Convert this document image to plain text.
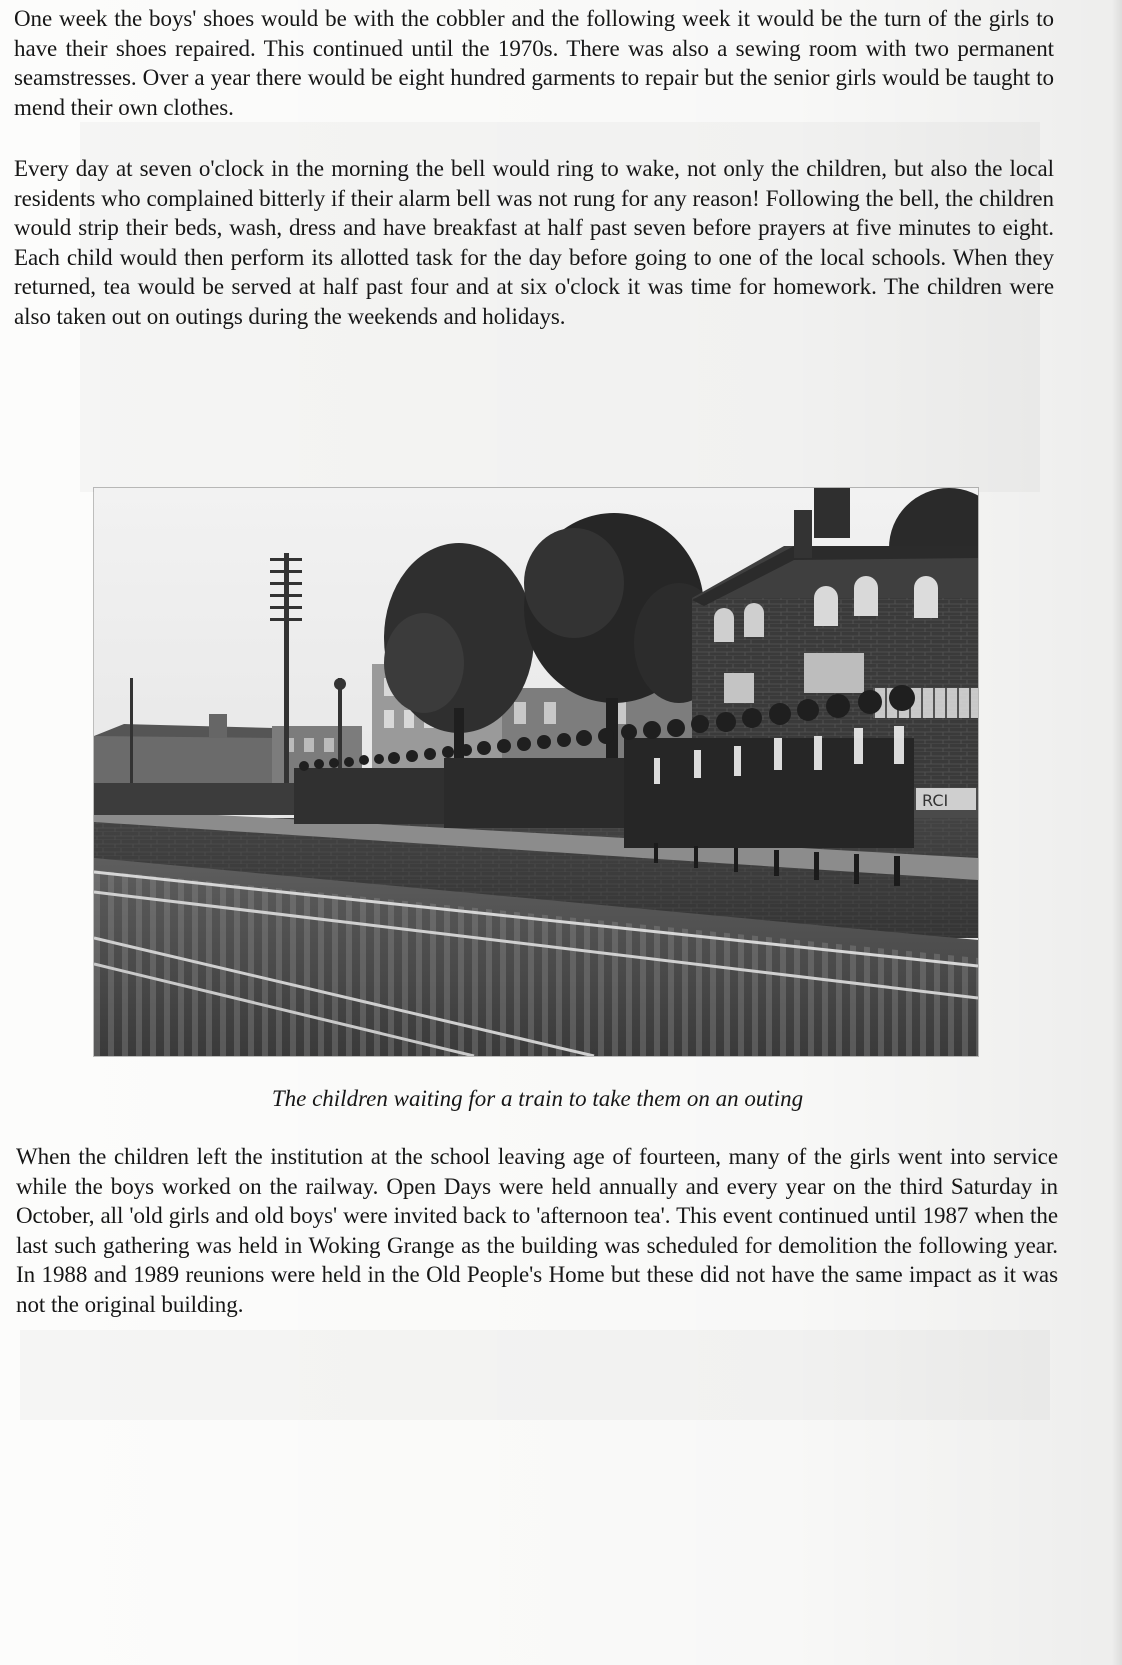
One week the boys' shoes would be with the cobbler and the following week it would be the turn of the girls to have their shoes repaired. This continued until the 1970s. There was also a sewing room with two permanent seamstresses. Over a year there would be eight hundred garments to repair but the senior girls would be taught to mend their own clothes.

Every day at seven o'clock in the morning the bell would ring to wake, not only the children, but also the local residents who complained bitterly if their alarm bell was not rung for any reason! Following the bell, the children would strip their beds, wash, dress and have breakfast at half past seven before prayers at five minutes to eight. Each child would then perform its allotted task for the day before going to one of the local schools. When they returned, tea would be served at half past four and at six o'clock it was time for homework. The children were also taken out on outings during the weekends and holidays.

RCI

The children waiting for a train to take them on an outing

When the children left the institution at the school leaving age of fourteen, many of the girls went into service while the boys worked on the railway. Open Days were held annually and every year on the third Saturday in October, all 'old girls and old boys' were invited back to 'afternoon tea'. This event continued until 1987 when the last such gathering was held in Woking Grange as the building was scheduled for demolition the following year. In 1988 and 1989 reunions were held in the Old People's Home but these did not have the same impact as it was not the original building.
